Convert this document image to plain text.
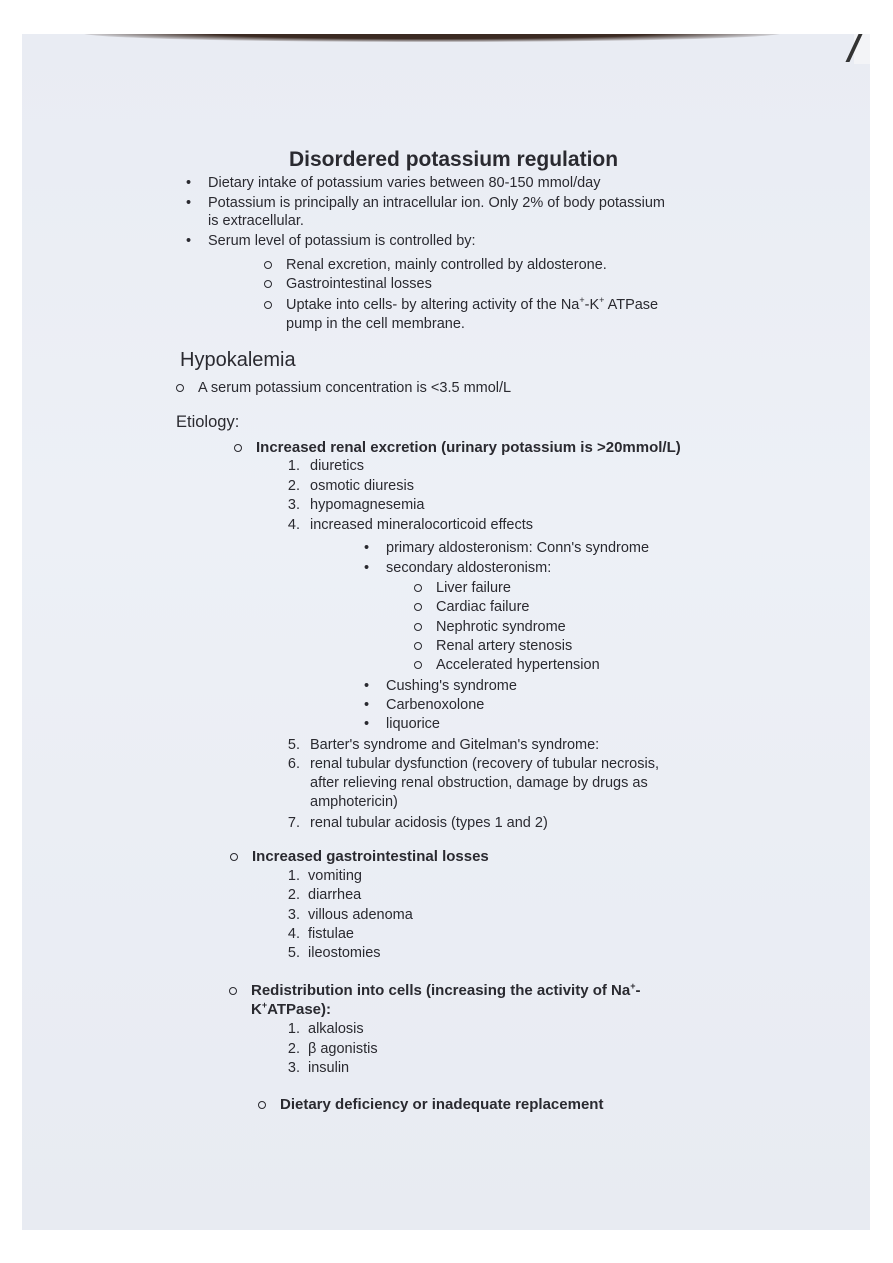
Disordered potassium regulation
• Dietary intake of potassium varies between 80-150 mmol/day
• Potassium is principally an intracellular ion. Only 2% of body potassium
is extracellular.
• Serum level of potassium is controlled by:
Renal excretion, mainly controlled by aldosterone.
Gastrointestinal losses
Uptake into cells- by altering activity of the Na+-K+ ATPase
pump in the cell membrane.
Hypokalemia
A serum potassium concentration is <3.5 mmol/L
Etiology:
Increased renal excretion (urinary potassium is >20mmol/L)
1. diuretics
2. osmotic diuresis
3. hypomagnesemia
4. increased mineralocorticoid effects
• primary aldosteronism: Conn's syndrome
• secondary aldosteronism:
Liver failure
Cardiac failure
Nephrotic syndrome
Renal artery stenosis
Accelerated hypertension
• Cushing's syndrome
• Carbenoxolone
• liquorice
5. Barter's syndrome and Gitelman's syndrome:
6. renal tubular dysfunction (recovery of tubular necrosis,
after relieving renal obstruction, damage by drugs as
amphotericin)
7. renal tubular acidosis (types 1 and 2)
Increased gastrointestinal losses
1. vomiting
2. diarrhea
3. villous adenoma
4. fistulae
5. ileostomies
Redistribution into cells (increasing the activity of Na+-
K+ATPase):
1. alkalosis
2. β agonistis
3. insulin
Dietary deficiency or inadequate replacement
